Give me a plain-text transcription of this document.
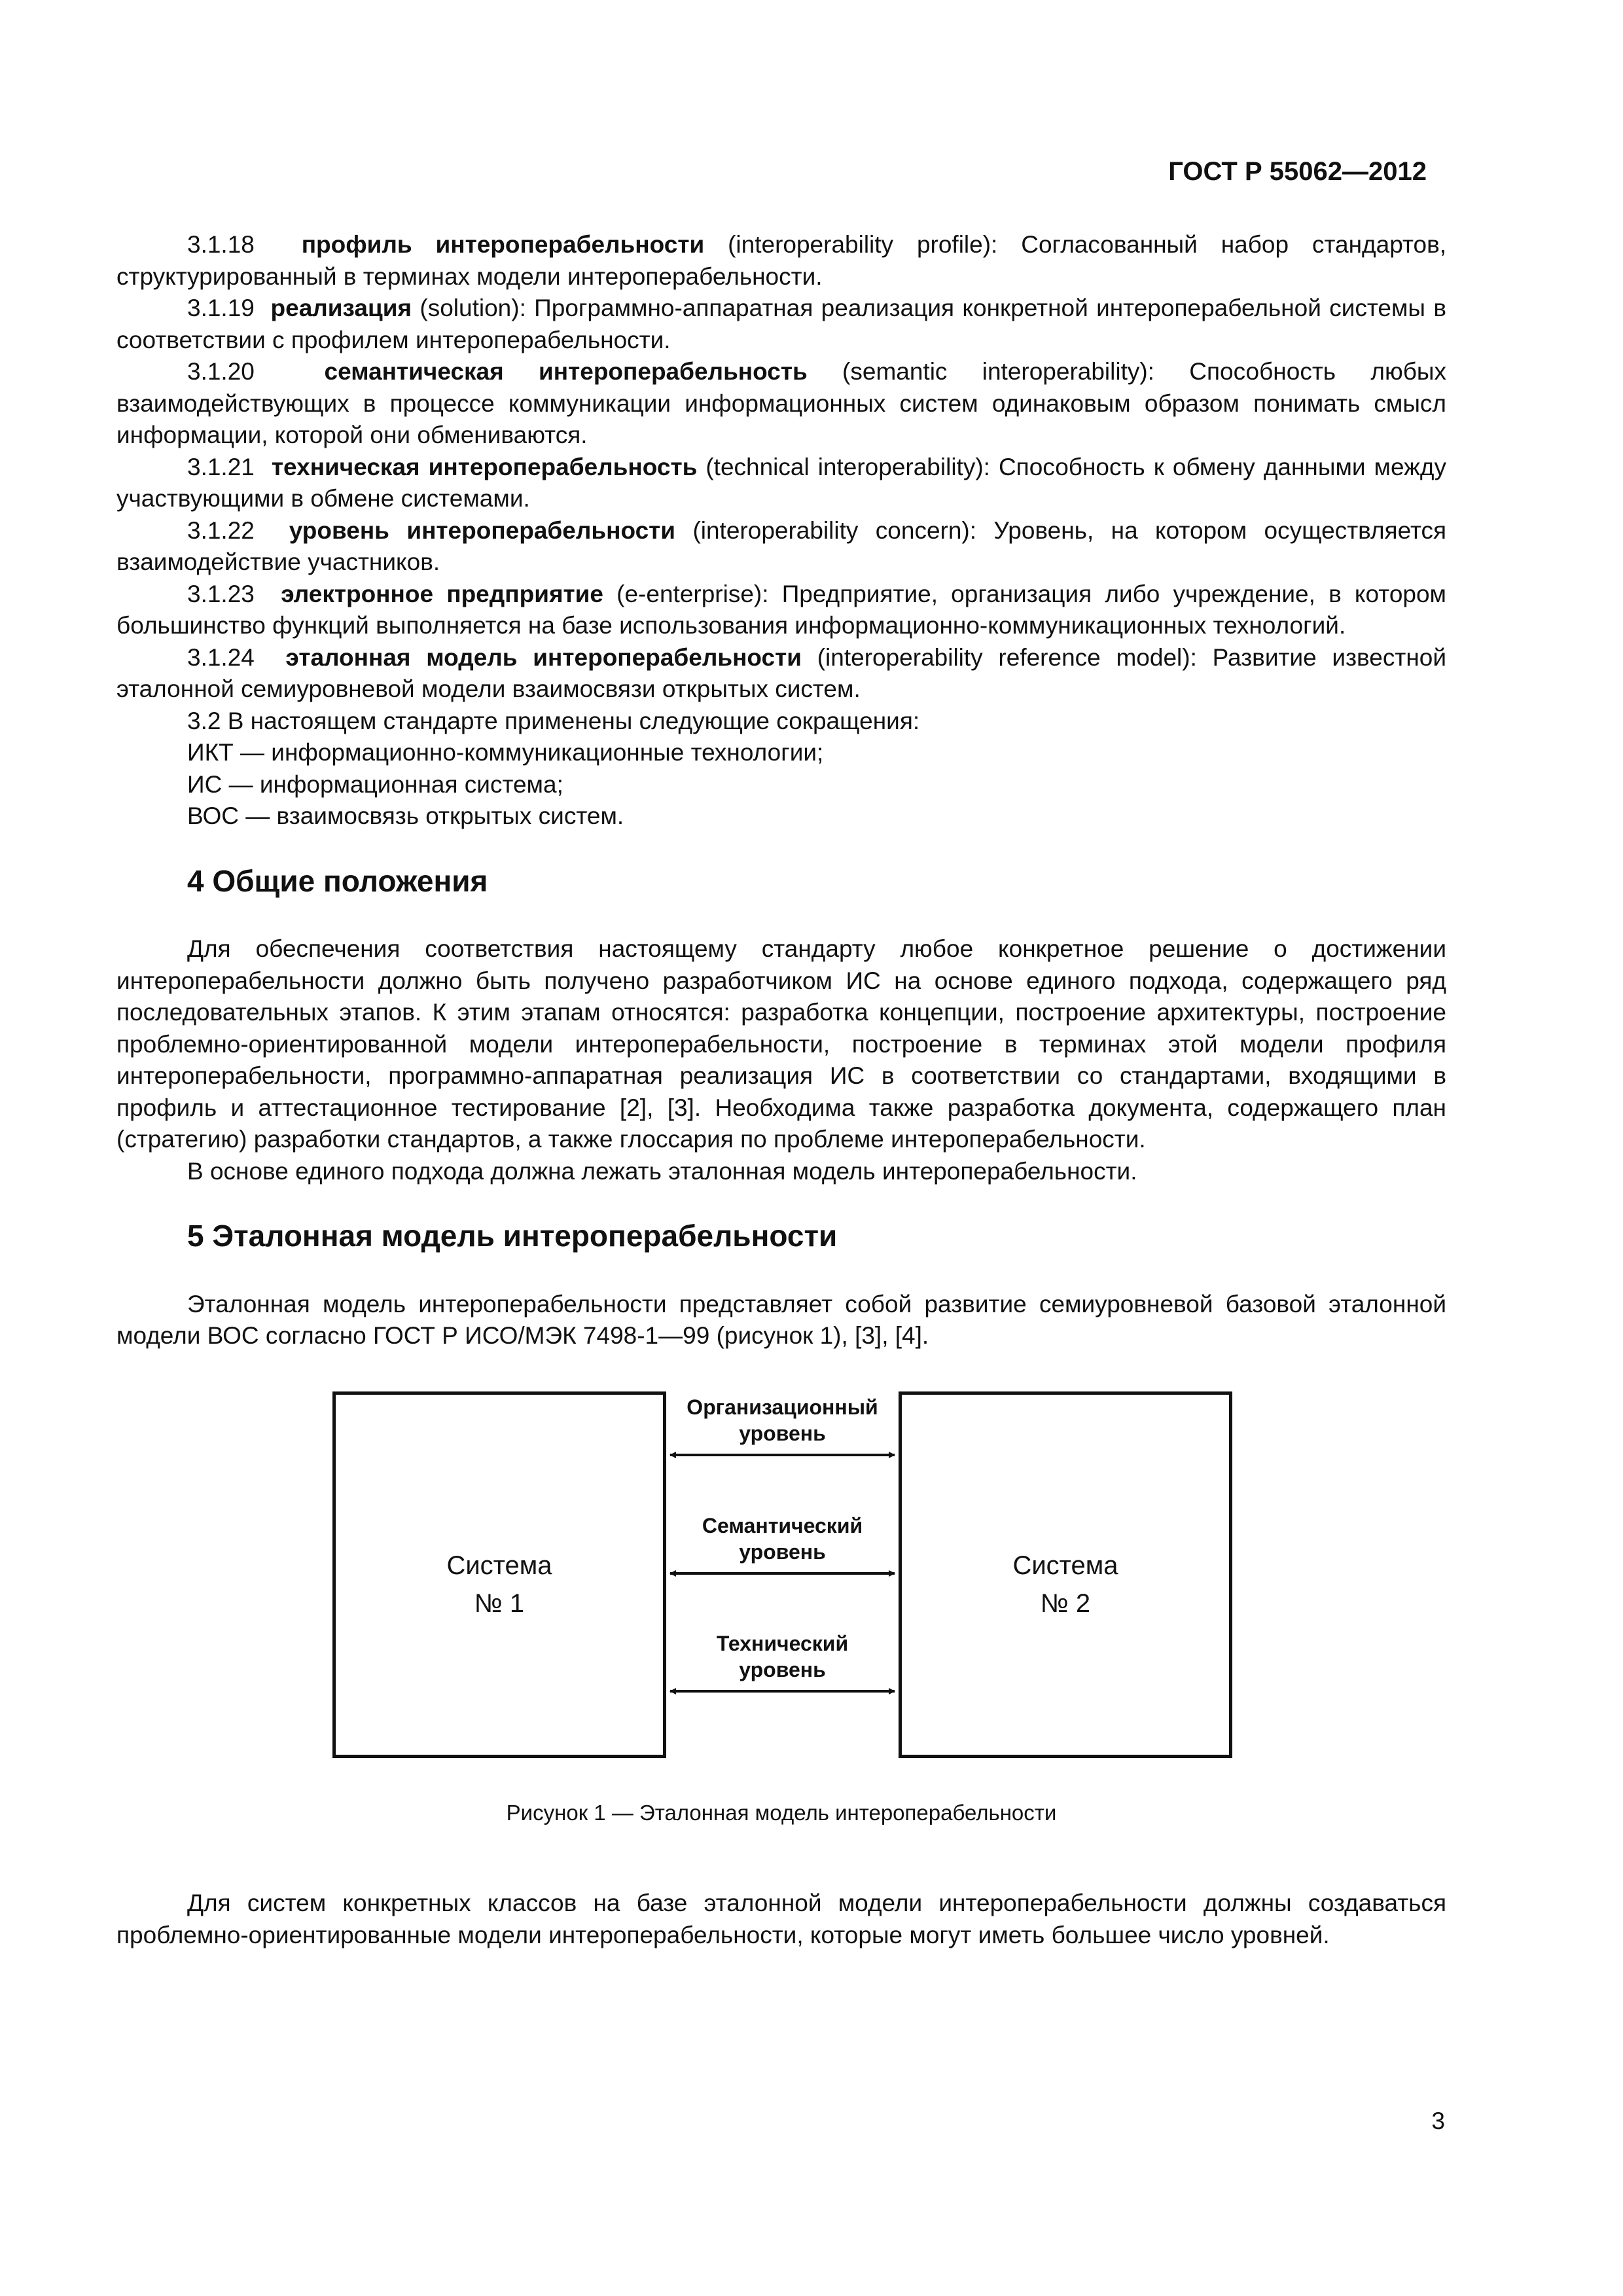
ГОСТ Р 55062—2012

3.1.18 профиль интероперабельности (interoperability profile): Согласованный набор стандартов, структурированный в терминах модели интероперабельности.

3.1.19 реализация (solution): Программно-аппаратная реализация конкретной интероперабельной системы в соответствии с профилем интероперабельности.

3.1.20	семантическая интероперабельность (semantic interoperability): Способность любых взаимодействующих в процессе коммуникации информационных систем одинаковым образом понимать смысл информации, которой они обмениваются.

3.1.21 техническая интероперабельность (technical interoperability): Способность к обмену данными между участвующими в обмене системами.

3.1.22 уровень интероперабельности (interoperability concern): Уровень, на котором осуществляется взаимодействие участников.

3.1.23 электронное предприятие (e-enterprise): Предприятие, организация либо учреждение, в котором большинство функций выполняется на базе использования информационно-коммуникационных технологий.

3.1.24 эталонная модель интероперабельности (interoperability reference model): Развитие известной эталонной семиуровневой модели взаимосвязи открытых систем.

3.2 В настоящем стандарте применены следующие сокращения:

ИКТ — информационно-коммуникационные технологии;

ИС — информационная система;

ВОС — взаимосвязь открытых систем.

4 Общие положения

Для обеспечения соответствия настоящему стандарту любое конкретное решение о достижении интероперабельности должно быть получено разработчиком ИС на основе единого подхода, содержащего ряд последовательных этапов. К этим этапам относятся: разработка концепции, построение архитектуры, построение проблемно-ориентированной модели интероперабельности, построение в терминах этой модели профиля интероперабельности, программно-аппаратная реализация ИС в соответствии со стандартами, входящими в профиль и аттестационное тестирование [2], [3]. Необходима также разработка документа, содержащего план (стратегию) разработки стандартов, а также глоссария по проблеме интероперабельности.

В основе единого подхода должна лежать эталонная модель интероперабельности.

5 Эталонная модель интероперабельности

Эталонная модель интероперабельности представляет собой развитие семиуровневой базовой эталонной модели ВОС согласно ГОСТ Р ИСО/МЭК 7498-1—99 (рисунок 1), [3], [4].

Система
№ 1
Система
№ 2
Организационный
уровень
Семантический
уровень
Технический
уровень

Рисунок 1 — Эталонная модель интероперабельности

Для систем конкретных классов на базе эталонной модели интероперабельности должны создаваться проблемно-ориентированные модели интероперабельности, которые могут иметь большее число уровней.

3
